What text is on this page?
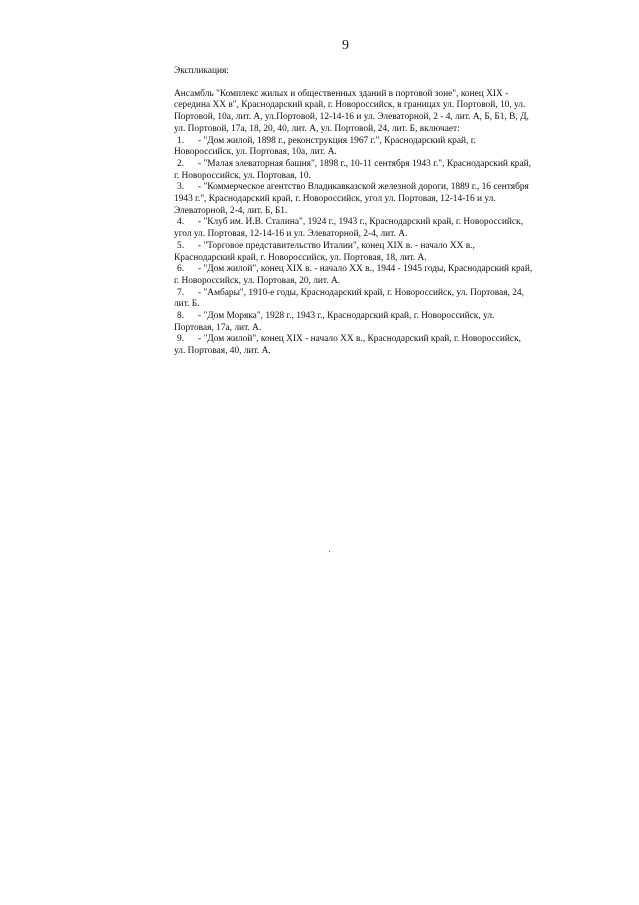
9

Экспликация:

Ансамбль "Комплекс жилых и общественных зданий в портовой зоне", конец XIX - середина XX в", Краснодарский край, г. Новороссийск, в границах ул. Портовой, 10, ул. Портовой, 10а, лит. А, ул.Портовой, 12-14-16 и ул. Элеваторной, 2 - 4, лит. А, Б, Б1, В, Д, ул. Портовой, 17а, 18, 20, 40, лит. А, ул. Портовой, 24, лит. Б, включает:

1. - "Дом жилой, 1898 г., реконструкция 1967 г.", Краснодарский край, г. Новороссийск, ул. Портовая, 10а, лит. А.
2. - "Малая элеваторная башня", 1898 г., 10-11 сентября 1943 г.", Краснодарский край, г. Новороссийск, ул. Портовая, 10.
3. - "Коммерческое агентство Владикавказской железной дороги, 1889 г., 16 сентября 1943 г.", Краснодарский край, г. Новороссийск, угол ул. Портовая, 12-14-16 и ул. Элеваторной, 2-4, лит. Б, Б1.
4. - "Клуб им. И.В. Сталина", 1924 г., 1943 г., Краснодарский край, г. Новороссийск, угол ул. Портовая, 12-14-16 и ул. Элеваторной, 2-4, лит. А.
5. - "Торговое представительство Италии", конец XIX в. - начало XX в., Краснодарский край, г. Новороссийск, ул. Портовая, 18, лит. А.
6. - "Дом жилой", конец XIX в. - начало XX в., 1944 - 1945 годы, Краснодарский край, г. Новороссийск, ул. Портовая, 20, лит. А.
7. - "Амбары", 1910-е годы, Краснодарский край, г. Новороссийск, ул. Портовая, 24, лит. Б.
8. - "Дом Моряка", 1928 г., 1943 г., Краснодарский край, г. Новороссийск, ул. Портовая, 17а, лит. А.
9. - "Дом жилой", конец XIX - начало XX в., Краснодарский край, г. Новороссийск, ул. Портовая, 40, лит. А.
